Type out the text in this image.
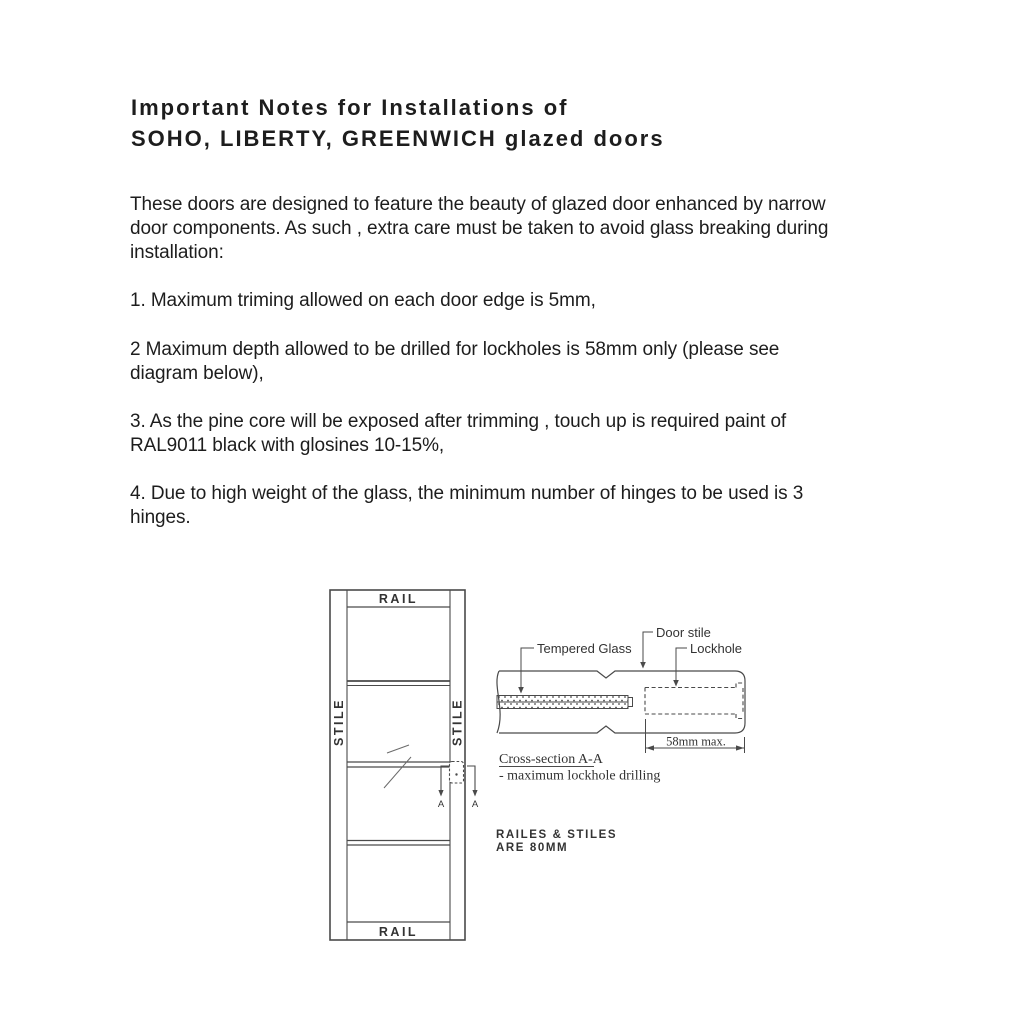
Important Notes for Installations of
SOHO, LIBERTY, GREENWICH glazed doors

These doors are designed to feature the beauty of glazed door enhanced by narrow door components. As such , extra care must be taken to avoid glass breaking during installation:

1. Maximum triming allowed on each door edge is 5mm,

2 Maximum depth allowed to be drilled for lockholes is 58mm only (please see diagram below),

3. As the pine core will be exposed after trimming , touch up is required paint of RAL9011 black with glosines 10-15%,

4. Due to high weight of the glass, the minimum number of hinges to be used is 3 hinges.

RAIL
RAIL
STILE	STILE
A	A
Tempered Glass
Door stile
Lockhole
58mm max.
Cross-section A-A
- maximum lockhole drilling
RAILES & STILES
ARE 80MM
